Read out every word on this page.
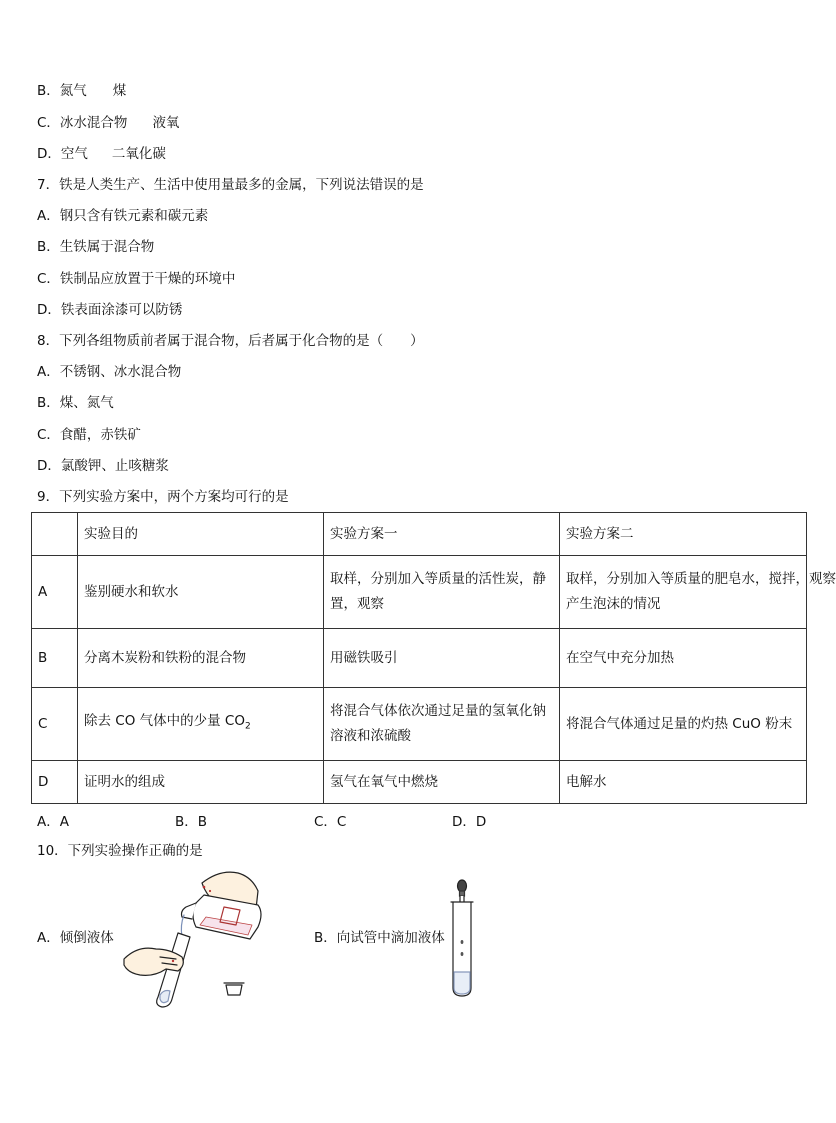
B．氮气 煤
C．冰水混合物 液氧
D．空气 二氧化碳
7．铁是人类生产、生活中使用量最多的金属，下列说法错误的是
A．钢只含有铁元素和碳元素
B．生铁属于混合物
C．铁制品应放置于干燥的环境中
D．铁表面涂漆可以防锈
8．下列各组物质前者属于混合物，后者属于化合物的是（　　）
A．不锈钢、冰水混合物
B．煤、氮气
C．食醋，赤铁矿
D．氯酸钾、止咳糖浆
9．下列实验方案中，两个方案均可行的是
	实验目的	实验方案一	实验方案二
A	鉴别硬水和软水	取样，分别加入等质量的活性炭，静置，观察	取样，分别加入等质量的肥皂水，搅拌，观察产生泡沫的情况

B	分离木炭粉和铁粉的混合物	用磁铁吸引	在空气中充分加热
C	除去 CO 气体中的少量 $CO_2$	将混合气体依次通过足量的氢氧化钠溶液和浓硫酸	将混合气体通过足量的灼热 CuO 粉末
D	证明水的组成	氢气在氧气中燃烧	电解水
A．A	B．B	C．C	D．D
10．下列实验操作正确的是
A．倾倒液体	B．向试管中滴加液体
